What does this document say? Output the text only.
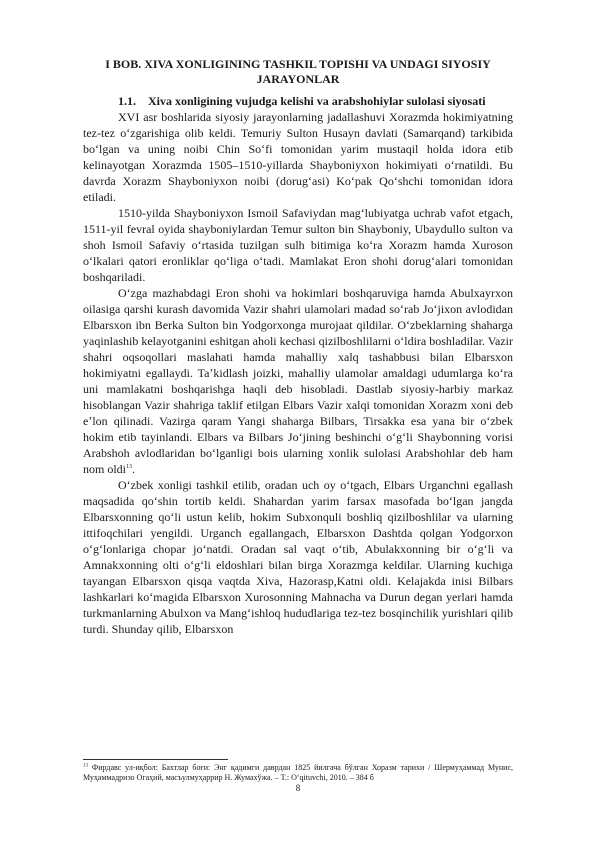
I BOB. XIVA XONLIGINING TASHKIL TOPISHI VA UNDAGI SIYOSIY JARAYONLAR
1.1. Xiva xonligining vujudga kelishi va arabshohiylar sulolasi siyosati

XVI asr boshlarida siyosiy jarayonlarning jadallashuvi Xorazmda hokimiyatning tez-tez oʻzgarishiga olib keldi. Temuriy Sulton Husayn davlati (Samarqand) tarkibida boʻlgan va uning noibi Chin Soʻfi tomonidan yarim mustaqil holda idora etib kelinayotgan Xorazmda 1505–1510-yillarda Shayboniyxon hokimiyati oʻrnatildi. Bu davrda Xorazm Shayboniyxon noibi (dorugʻasi) Koʻpak Qoʻshchi tomonidan idora etiladi.

1510-yilda Shayboniyxon Ismoil Safaviydan magʻlubiyatga uchrab vafot etgach, 1511-yil fevral oyida shayboniylardan Temur sulton bin Shayboniy, Ubaydullo sulton va shoh Ismoil Safaviy oʻrtasida tuzilgan sulh bitimiga koʻra Xorazm hamda Xuroson oʻlkalari qatori eronliklar qoʻliga oʻtadi. Mamlakat Eron shohi dorugʻalari tomonidan boshqariladi.

Oʻzga mazhabdagi Eron shohi va hokimlari boshqaruviga hamda Abulxayrxon oilasiga qarshi kurash davomida Vazir shahri ulamolari madad soʻrab Joʻjixon avlodidan Elbarsxon ibn Berka Sulton bin Yodgorxonga murojaat qildilar. Oʻzbeklarning shaharga yaqinlashib kelayotganini eshitgan aholi kechasi qizilboshlilarni oʻldira boshladilar. Vazir shahri oqsoqollari maslahati hamda mahalliy xalq tashabbusi bilan Elbarsxon hokimiyatni egallaydi. Taʼkidlash joizki, mahalliy ulamolar amaldagi udumlarga koʻra uni mamlakatni boshqarishga haqli deb hisobladi. Dastlab siyosiy-harbiy markaz hisoblangan Vazir shahriga taklif etilgan Elbars Vazir xalqi tomonidan Xorazm xoni deb eʼlon qilinadi. Vazirga qaram Yangi shaharga Bilbars, Tirsakka esa yana bir oʻzbek hokim etib tayinlandi. Elbars va Bilbars Joʻjining beshinchi oʻgʻli Shaybonning vorisi Arabshoh avlodlaridan boʻlganligi bois ularning xonlik sulolasi Arabshohlar deb ham nom oldi$^{13}$.

Oʻzbek xonligi tashkil etilib, oradan uch oy oʻtgach, Elbars Urganchni egallash maqsadida qoʻshin tortib keldi. Shahardan yarim farsax masofada boʻlgan jangda Elbarsxonning qoʻli ustun kelib, hokim Subxonquli boshliq qizilboshlilar va ularning ittifoqchilari yengildi. Urganch egallangach, Elbarsxon Dashtda qolgan Yodgorxon oʻgʻlonlariga chopar joʻnatdi. Oradan sal vaqt oʻtib, Abulakxonning bir oʻgʻli va Amnakxonning olti oʻgʻli eldoshlari bilan birga Xorazmga keldilar. Ularning kuchiga tayangan Elbarsxon qisqa vaqtda Xiva, Hazorasp,Katni oldi. Kelajakda inisi Bilbars lashkarlari koʻmagida Elbarsxon Xurosonning Mahnacha va Durun degan yerlari hamda turkmanlarning Abulxon va Mangʻishloq hududlariga tez-tez bosqinchilik yurishlari qilib turdi. Shunday qilib, Elbarsxon

$^{13}$ Фирдавс ул-иқбол: Бахтлар боғи: Энг қадимги даврдан 1825 йилгача бўлган Хоразм тарихи / Шермуҳаммад Мунис, Муҳаммадризо Огаҳий, масъулмуҳаррир Н. Жумахўжа. – T.: Oʻqituvchi, 2010. – 384 б
8
